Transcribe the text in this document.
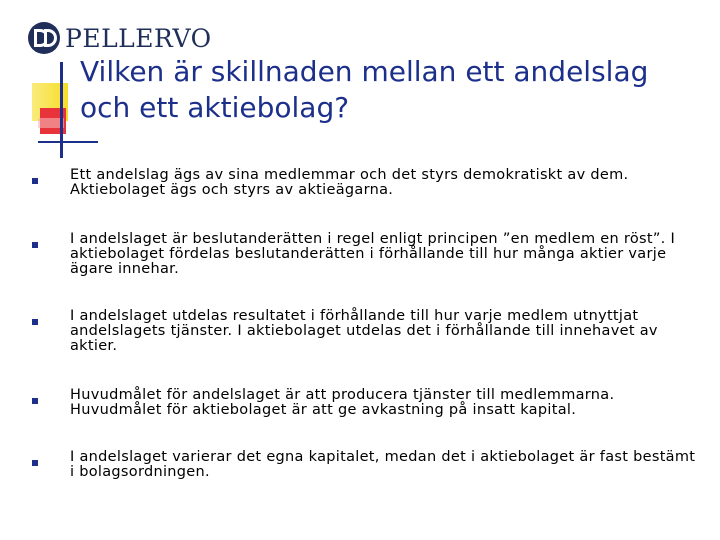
PELLERVO
Vilken är skillnaden mellan ett andelslag
och ett aktiebolag?
Ett andelslag ägs av sina medlemmar och det styrs demokratiskt av dem. Aktiebolaget ägs och styrs av aktieägarna.
I andelslaget är beslutanderätten i regel enligt principen ”en medlem en röst”. I aktiebolaget fördelas beslutanderätten i förhållande till hur många aktier varje ägare innehar.
I andelslaget utdelas resultatet i förhållande till hur varje medlem utnyttjat andelslagets tjänster. I aktiebolaget utdelas det i förhållande till innehavet av aktier.
Huvudmålet för andelslaget är att producera tjänster till medlemmarna. Huvudmålet för aktiebolaget är att ge avkastning på insatt kapital.
I andelslaget varierar det egna kapitalet, medan det i aktiebolaget är fast bestämt i bolagsordningen.
